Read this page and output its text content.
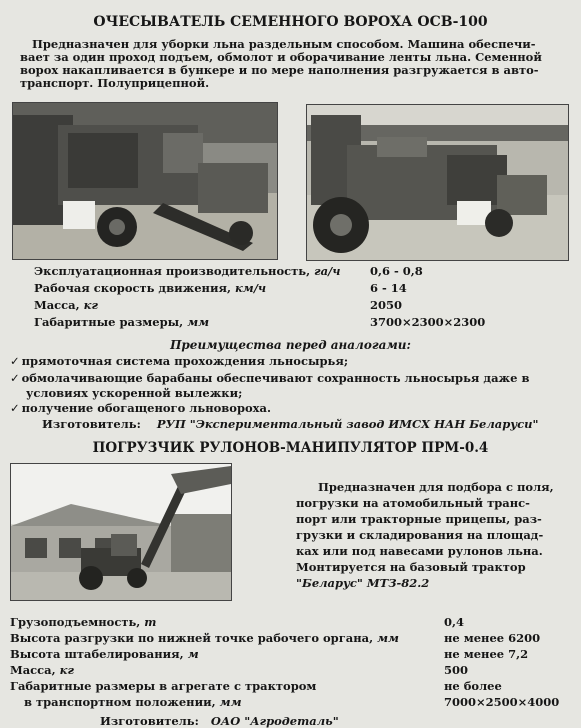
ОЧЕСЫВАТЕЛЬ СЕМЕННОГО ВОРОХА ОСВ-100
Предназначен для уборки льна раздельным способом. Машина обеспечи-
вает за один проход подъем, обмолот и оборачивание ленты льна. Семенной
ворох накапливается в бункере и по мере наполнения разгружается в авто-
транспорт. Полуприцепной.
Эксплуатационная производительность, га/ч	0,6 - 0,8
Рабочая скорость движения, км/ч	6 - 14
Масса, кг	2050
Габаритные размеры, мм	3700×2300×2300
Преимущества перед аналогами:
✓ прямоточная система прохождения льносырья;
✓ обмолачивающие барабаны обеспечивают сохранность льносырья даже в
условиях ускоренной вылежки;
✓ получение обогащеного льновороха.
Изготовитель: РУП "Экспериментальный завод ИМСХ НАН Беларуси"
ПОГРУЗЧИК РУЛОНОВ-МАНИПУЛЯТОР ПРМ-0.4
Предназначен для подбора с поля,
погрузки на атомобильный транс-
порт или тракторные прицепы, раз-
грузки и складирования на площад-
ках или под навесами рулонов льна.
Монтируется на базовый трактор
"Беларус" МТЗ-82.2
Грузоподъемность, т	0,4
Высота разгрузки по нижней точке рабочего органа, мм	не менее 6200
Высота штабелирования, м	не менее 7,2
Масса, кг	500
Габаритные размеры в агрегате с трактором	не более
в транспортном положении, мм	7000×2500×4000
Изготовитель: ОАО "Агродеталь"
